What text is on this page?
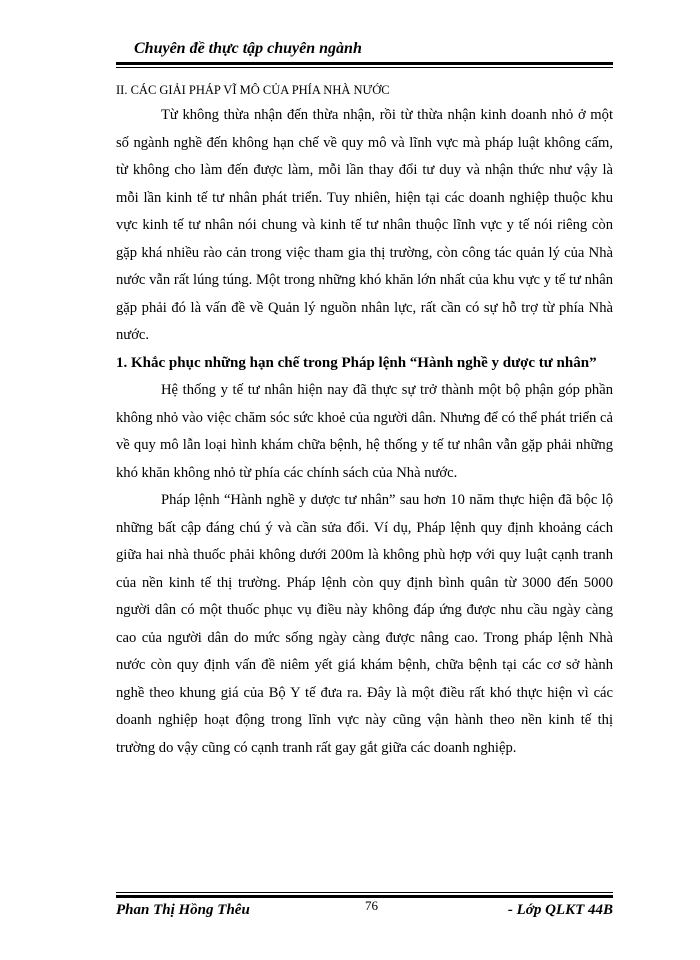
Chuyên đề thực tập chuyên ngành

II. CÁC GIẢI PHÁP VĨ MÔ CỦA PHÍA NHÀ NƯỚC

Từ không thừa nhận đến thừa nhận, rồi từ thừa nhận kinh doanh nhỏ ở một số ngành nghề đến không hạn chế về quy mô và lĩnh vực mà pháp luật không cấm, từ không cho làm đến được làm, mỗi lần thay đổi tư duy và nhận thức như vậy là mỗi lần kinh tế tư nhân phát triển. Tuy nhiên, hiện tại các doanh nghiệp thuộc khu vực kinh tế tư nhân nói chung và kinh tế tư nhân thuộc lĩnh vực y tế nói riêng còn gặp khá nhiều rào cản trong việc tham gia thị trường, còn công tác quản lý của Nhà nước vẫn rất lúng túng. Một trong những khó khăn lớn nhất của khu vực y tế tư nhân gặp phải đó là vấn đề về Quản lý nguồn nhân lực, rất cần có sự hỗ trợ từ phía Nhà nước.

1. Khắc phục những hạn chế trong Pháp lệnh “Hành nghề y dược tư nhân”

Hệ thống y tế tư nhân hiện nay đã thực sự trở thành một bộ phận góp phần không nhỏ vào việc chăm sóc sức khoẻ của người dân. Nhưng để có thể phát triển cả về quy mô lẫn loại hình khám chữa bệnh, hệ thống y tế tư nhân vẫn gặp phải những khó khăn không nhỏ từ phía các chính sách của Nhà nước.

Pháp lệnh “Hành nghề y dược tư nhân” sau hơn 10 năm thực hiện đã bộc lộ những bất cập đáng chú ý và cần sửa đổi. Ví dụ, Pháp lệnh quy định khoảng cách giữa hai nhà thuốc phải không dưới 200m là không phù hợp với quy luật cạnh tranh của nền kinh tế thị trường. Pháp lệnh còn quy định bình quân từ 3000 đến 5000 người dân có một thuốc phục vụ điều này không đáp ứng được nhu cầu ngày càng cao của người dân do mức sống ngày càng được nâng cao. Trong pháp lệnh Nhà nước còn quy định vấn đề niêm yết giá khám bệnh, chữa bệnh tại các cơ sở hành nghề theo khung giá của Bộ Y tế đưa ra. Đây là một điều rất khó thực hiện vì các doanh nghiệp hoạt động trong lĩnh vực này cũng vận hành theo nền kinh tế thị trường do vậy cũng có cạnh tranh rất gay gắt giữa các doanh nghiệp.

Phan Thị Hồng Thêu	76	- Lớp QLKT 44B
